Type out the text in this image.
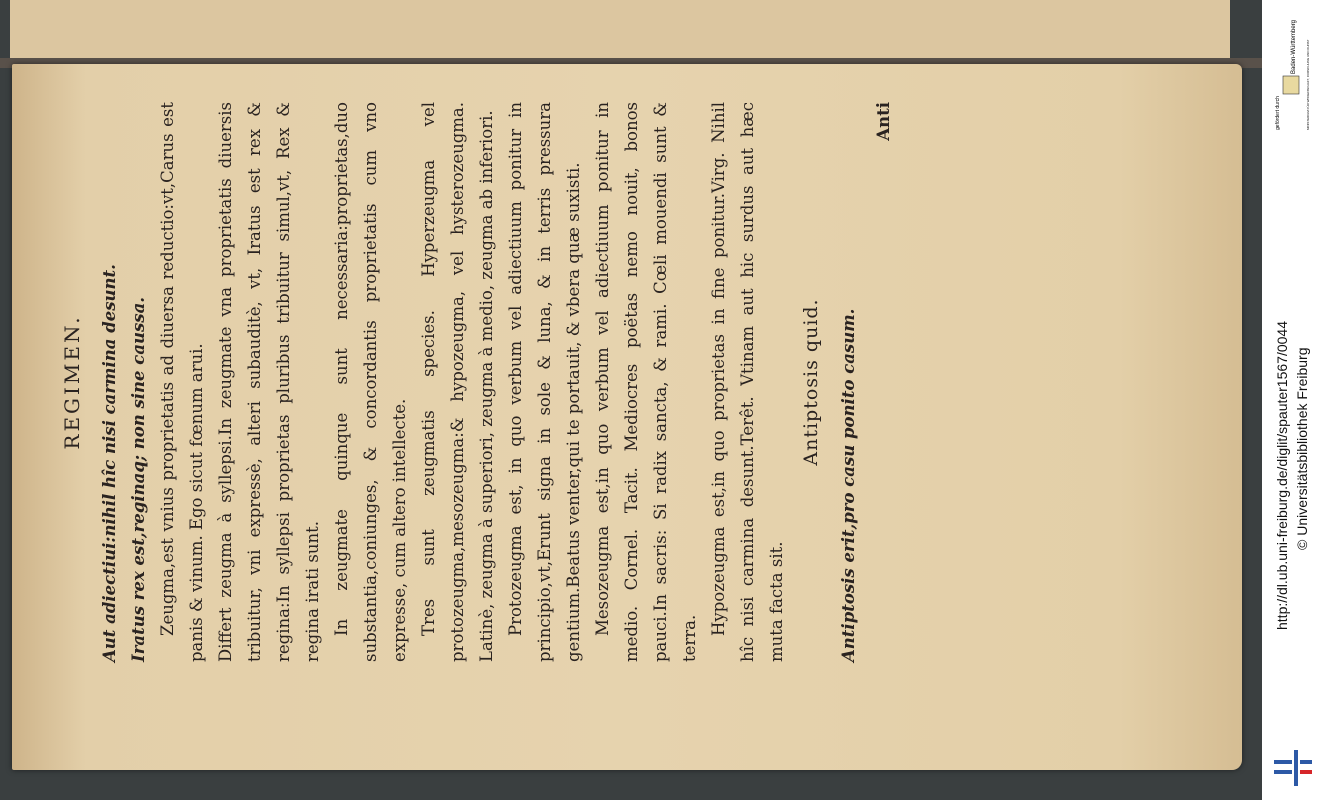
REGIMEN. Aut adiectiui:nihil hîc nisi carmina desunt. Iratus rex est,reginaq; non sine caussa. Zeugma,est vnius proprietatis ad diuersa reductio:vt,Carus est panis & vinum. Ego sicut fœnum arui. Differt zeugma à syllepsi.In zeugmate vna proprietatis diuersis tribuitur, vni expressè, alteri subauditè, vt, Iratus est rex & regina:In syllepsi proprietas pluribus tribuitur simul,vt, Rex & regina irati sunt. In zeugmate quinque sunt necessaria:proprietas,duo substantia,coniunges, & concordantis proprietatis cum vno expresse, cum altero intellecte. Tres sunt zeugmatis species. Hyperzeugma vel protozeugma,mesozeugma:& hypozeugma, vel hysterozeugma. Latinè, zeugma à superiori, zeugma à medio, zeugma ab inferiori. Protozeugma est, in quo verbum vel adiectiuum ponitur in principio,vt,Erunt signa in sole & luna, & in terris pressura gentium.Beatus venter,qui te portauit, & vbera quæ suxisti. Mesozeugma est,in quo verbum vel adiectiuum ponitur in medio. Cornel. Tacit. Mediocres poëtas nemo nouit, bonos pauci.In sacris: Si radix sancta, & rami. Cœli mouendi sunt & terra.

Hypozeugma est,in quo proprietas in fine ponitur.Virg. Nihil hîc nisi carmina desunt.Terêt. Vtinam aut hic surdus aut hæc muta facta sit.

Antiptosis quid.	Antiptosis erit,pro casu ponito casum.

Anti
http://dl.ub.uni-freiburg.de/diglit/spauter1567/0044 © Universitätsbibliothek Freiburg
gefördert durch
Baden-Württemberg	MINISTERIUM FÜR WISSENSCHAFT, FORSCHUNG UND KUNST
